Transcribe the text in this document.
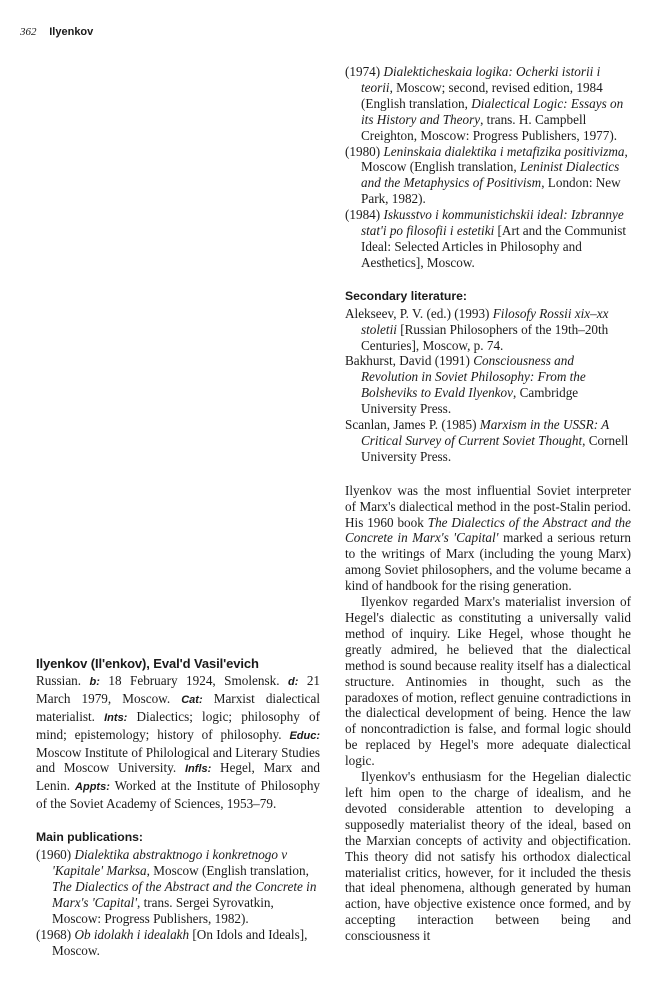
362 Ilyenkov
Ilyenkov (Il'enkov), Eval'd Vasil'evich
Russian. b: 18 February 1924, Smolensk. d: 21 March 1979, Moscow. Cat: Marxist dialectical materialist. Ints: Dialectics; logic; philosophy of mind; epistemology; history of philosophy. Educ: Moscow Institute of Philological and Literary Studies and Moscow University. Infls: Hegel, Marx and Lenin. Appts: Worked at the Institute of Philosophy of the Soviet Academy of Sciences, 1953–79.
Main publications:
(1960) Dialektika abstraktnogo i konkretnogo v 'Kapitale' Marksa, Moscow (English translation, The Dialectics of the Abstract and the Concrete in Marx's 'Capital', trans. Sergei Syrovatkin, Moscow: Progress Publishers, 1982).
(1968) Ob idolakh i idealakh [On Idols and Ideals], Moscow.
(1974) Dialekticheskaia logika: Ocherki istorii i teorii, Moscow; second, revised edition, 1984 (English translation, Dialectical Logic: Essays on its History and Theory, trans. H. Campbell Creighton, Moscow: Progress Publishers, 1977).
(1980) Leninskaia dialektika i metafizika positivizma, Moscow (English translation, Leninist Dialectics and the Metaphysics of Positivism, London: New Park, 1982).
(1984) Iskusstvo i kommunistichskii ideal: Izbrannye stat'i po filosofii i estetiki [Art and the Communist Ideal: Selected Articles in Philosophy and Aesthetics], Moscow.
Secondary literature:
Alekseev, P. V. (ed.) (1993) Filosofy Rossii xix–xx stoletii [Russian Philosophers of the 19th–20th Centuries], Moscow, p. 74.
Bakhurst, David (1991) Consciousness and Revolution in Soviet Philosophy: From the Bolsheviks to Evald Ilyenkov, Cambridge University Press.
Scanlan, James P. (1985) Marxism in the USSR: A Critical Survey of Current Soviet Thought, Cornell University Press.

Ilyenkov was the most influential Soviet interpreter of Marx's dialectical method in the post-Stalin period. His 1960 book The Dialectics of the Abstract and the Concrete in Marx's 'Capital' marked a serious return to the writings of Marx (including the young Marx) among Soviet philosophers, and the volume became a kind of handbook for the rising generation.

Ilyenkov regarded Marx's materialist inversion of Hegel's dialectic as constituting a universally valid method of inquiry. Like Hegel, whose thought he greatly admired, he believed that the dialectical method is sound because reality itself has a dialectical structure. Antinomies in thought, such as the paradoxes of motion, reflect genuine contradictions in the dialectical development of being. Hence the law of noncontradiction is false, and formal logic should be replaced by Hegel's more adequate dialectical logic.

Ilyenkov's enthusiasm for the Hegelian dialectic left him open to the charge of idealism, and he devoted considerable attention to developing a supposedly materialist theory of the ideal, based on the Marxian concepts of activity and objectification. This theory did not satisfy his orthodox dialectical materialist critics, however, for it included the thesis that ideal phenomena, although generated by human action, have objective existence once formed, and by accepting interaction between being and consciousness it
